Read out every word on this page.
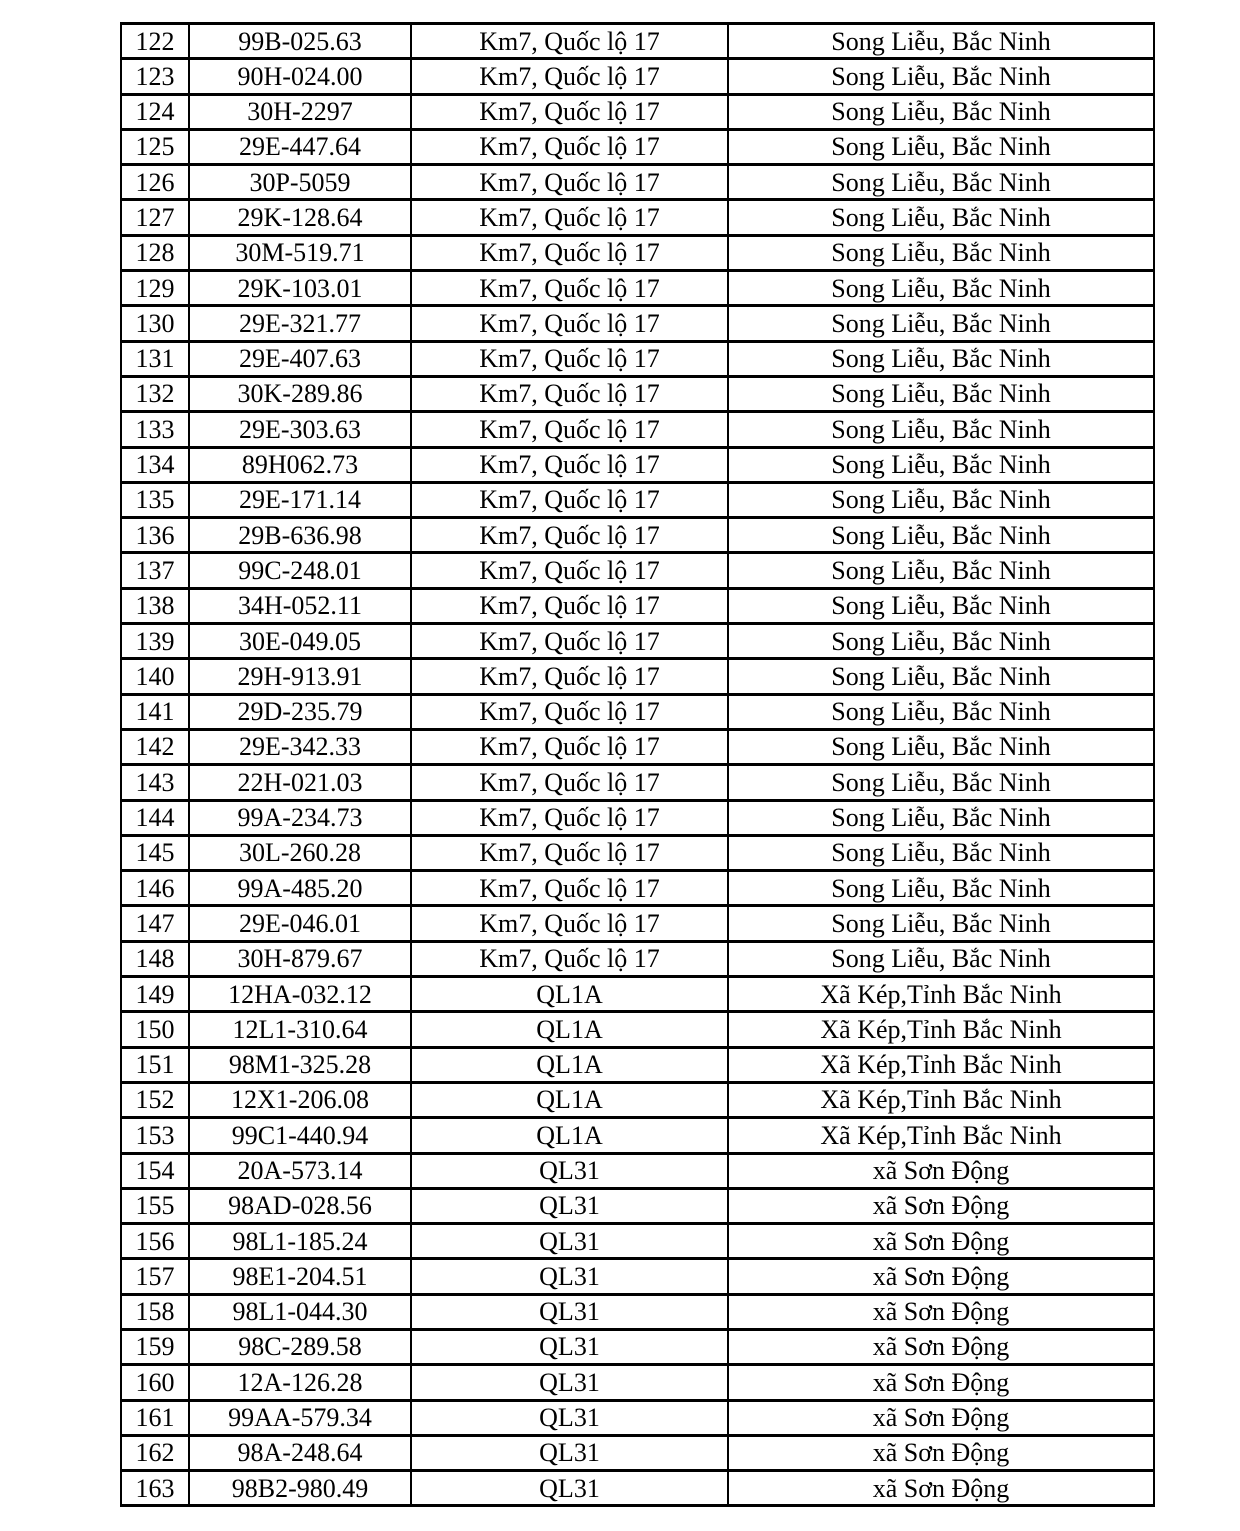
122	99B-025.63	Km7, Quốc lộ 17	Song Liễu, Bắc Ninh
123	90H-024.00	Km7, Quốc lộ 17	Song Liễu, Bắc Ninh
124	30H-2297	Km7, Quốc lộ 17	Song Liễu, Bắc Ninh
125	29E-447.64	Km7, Quốc lộ 17	Song Liễu, Bắc Ninh
126	30P-5059	Km7, Quốc lộ 17	Song Liễu, Bắc Ninh
127	29K-128.64	Km7, Quốc lộ 17	Song Liễu, Bắc Ninh
128	30M-519.71	Km7, Quốc lộ 17	Song Liễu, Bắc Ninh
129	29K-103.01	Km7, Quốc lộ 17	Song Liễu, Bắc Ninh
130	29E-321.77	Km7, Quốc lộ 17	Song Liễu, Bắc Ninh
131	29E-407.63	Km7, Quốc lộ 17	Song Liễu, Bắc Ninh
132	30K-289.86	Km7, Quốc lộ 17	Song Liễu, Bắc Ninh
133	29E-303.63	Km7, Quốc lộ 17	Song Liễu, Bắc Ninh
134	89H062.73	Km7, Quốc lộ 17	Song Liễu, Bắc Ninh
135	29E-171.14	Km7, Quốc lộ 17	Song Liễu, Bắc Ninh
136	29B-636.98	Km7, Quốc lộ 17	Song Liễu, Bắc Ninh
137	99C-248.01	Km7, Quốc lộ 17	Song Liễu, Bắc Ninh
138	34H-052.11	Km7, Quốc lộ 17	Song Liễu, Bắc Ninh
139	30E-049.05	Km7, Quốc lộ 17	Song Liễu, Bắc Ninh
140	29H-913.91	Km7, Quốc lộ 17	Song Liễu, Bắc Ninh
141	29D-235.79	Km7, Quốc lộ 17	Song Liễu, Bắc Ninh
142	29E-342.33	Km7, Quốc lộ 17	Song Liễu, Bắc Ninh
143	22H-021.03	Km7, Quốc lộ 17	Song Liễu, Bắc Ninh
144	99A-234.73	Km7, Quốc lộ 17	Song Liễu, Bắc Ninh
145	30L-260.28	Km7, Quốc lộ 17	Song Liễu, Bắc Ninh
146	99A-485.20	Km7, Quốc lộ 17	Song Liễu, Bắc Ninh
147	29E-046.01	Km7, Quốc lộ 17	Song Liễu, Bắc Ninh
148	30H-879.67	Km7, Quốc lộ 17	Song Liễu, Bắc Ninh
149	12HA-032.12	QL1A	Xã Kép,Tỉnh Bắc Ninh
150	12L1-310.64	QL1A	Xã Kép,Tỉnh Bắc Ninh
151	98M1-325.28	QL1A	Xã Kép,Tỉnh Bắc Ninh
152	12X1-206.08	QL1A	Xã Kép,Tỉnh Bắc Ninh
153	99C1-440.94	QL1A	Xã Kép,Tỉnh Bắc Ninh
154	20A-573.14	QL31	xã Sơn Động
155	98AD-028.56	QL31	xã Sơn Động
156	98L1-185.24	QL31	xã Sơn Động
157	98E1-204.51	QL31	xã Sơn Động
158	98L1-044.30	QL31	xã Sơn Động
159	98C-289.58	QL31	xã Sơn Động
160	12A-126.28	QL31	xã Sơn Động
161	99AA-579.34	QL31	xã Sơn Động
162	98A-248.64	QL31	xã Sơn Động
163	98B2-980.49	QL31	xã Sơn Động
